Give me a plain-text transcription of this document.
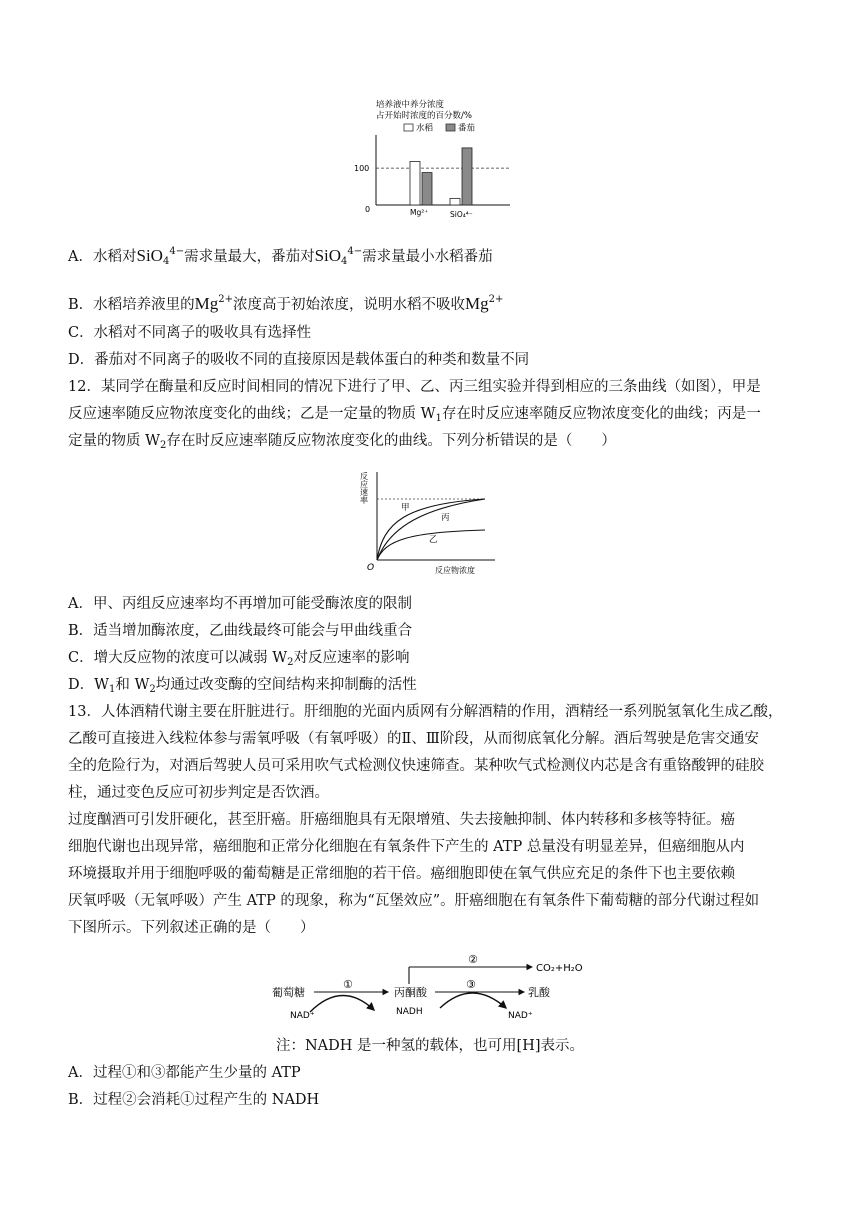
培养液中养分浓度
占开始时浓度的百分数/%
水稻	番茄
100
0	Mg²⁺	SiO₄⁴⁻
A．水稻对SiO$_4^{4-}$需求量最大，番茄对SiO$_4^{4-}$需求量最小水稻番茄
B．水稻培养液里的$Mg^{2+}$浓度高于初始浓度，说明水稻不吸收$Mg^{2+}$
C．水稻对不同离子的吸收具有选择性
D．番茄对不同离子的吸收不同的直接原因是载体蛋白的种类和数量不同
12．某同学在酶量和反应时间相同的情况下进行了甲、乙、丙三组实验并得到相应的三条曲线（如图），甲是
反应速率随反应物浓度变化的曲线；乙是一定量的物质 $W_1$存在时反应速率随反应物浓度变化的曲线；丙是一
定量的物质 $W_2$存在时反应速率随反应物浓度变化的曲线。下列分析错误的是（　　）
反应速率
甲
丙
乙
O	反应物浓度
A．甲、丙组反应速率均不再增加可能受酶浓度的限制
B．适当增加酶浓度，乙曲线最终可能会与甲曲线重合
C．增大反应物的浓度可以减弱 $W_2$对反应速率的影响
D．$W_1$和 $W_2$均通过改变酶的空间结构来抑制酶的活性
13．人体酒精代谢主要在肝脏进行。肝细胞的光面内质网有分解酒精的作用，酒精经一系列脱氢氧化生成乙酸，
乙酸可直接进入线粒体参与需氧呼吸（有氧呼吸）的Ⅱ、Ⅲ阶段，从而彻底氧化分解。酒后驾驶是危害交通安
全的危险行为，对酒后驾驶人员可采用吹气式检测仪快速筛查。某种吹气式检测仪内芯是含有重铬酸钾的硅胶
柱，通过变色反应可初步判定是否饮酒。
过度酗酒可引发肝硬化，甚至肝癌。肝癌细胞具有无限增殖、失去接触抑制、体内转移和多核等特征。癌
细胞代谢也出现异常，癌细胞和正常分化细胞在有氧条件下产生的 ATP 总量没有明显差异，但癌细胞从内
环境摄取并用于细胞呼吸的葡萄糖是正常细胞的若干倍。癌细胞即使在氧气供应充足的条件下也主要依赖
厌氧呼吸（无氧呼吸）产生 ATP 的现象，称为“瓦堡效应”。肝癌细胞在有氧条件下葡萄糖的部分代谢过程如
下图所示。下列叙述正确的是（　　）
葡萄糖
①
NAD⁺
丙酮酸
NADH
②
CO₂+H₂O
③
乳酸
NAD⁺
注：NADH 是一种氢的载体，也可用[H]表示。
A．过程①和③都能产生少量的 ATP
B．过程②会消耗①过程产生的 NADH
